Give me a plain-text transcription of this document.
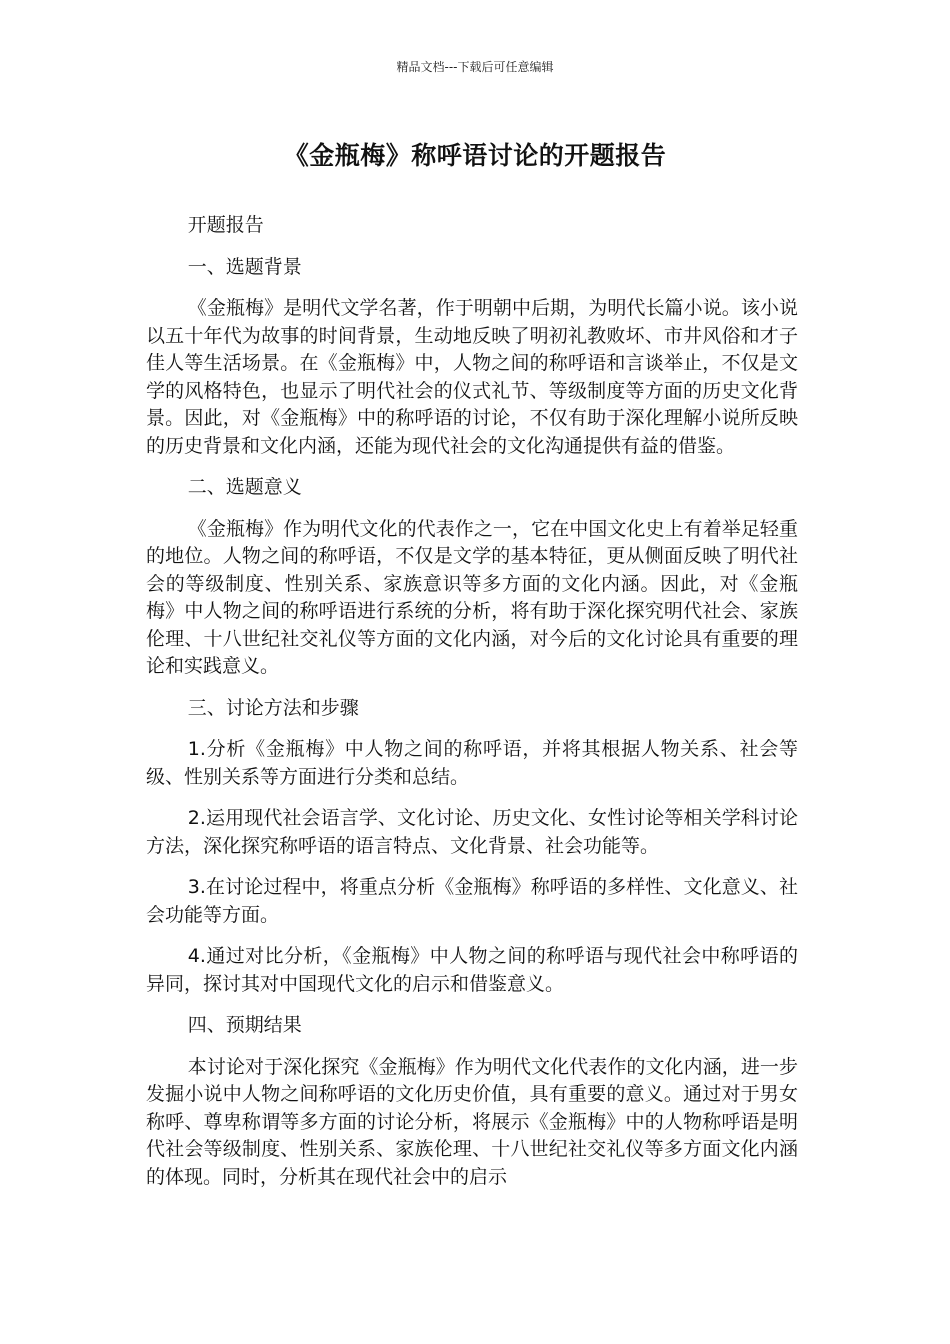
精品文档---下载后可任意编辑
《金瓶梅》称呼语讨论的开题报告
开题报告
一、选题背景
《金瓶梅》是明代文学名著，作于明朝中后期，为明代长篇小说。该小说以五十年代为故事的时间背景，生动地反映了明初礼教败坏、市井风俗和才子佳人等生活场景。在《金瓶梅》中，人物之间的称呼语和言谈举止，不仅是文学的风格特色，也显示了明代社会的仪式礼节、等级制度等方面的历史文化背景。因此，对《金瓶梅》中的称呼语的讨论，不仅有助于深化理解小说所反映的历史背景和文化内涵，还能为现代社会的文化沟通提供有益的借鉴。
二、选题意义
《金瓶梅》作为明代文化的代表作之一，它在中国文化史上有着举足轻重的地位。人物之间的称呼语，不仅是文学的基本特征，更从侧面反映了明代社会的等级制度、性别关系、家族意识等多方面的文化内涵。因此，对《金瓶梅》中人物之间的称呼语进行系统的分析，将有助于深化探究明代社会、家族伦理、十八世纪社交礼仪等方面的文化内涵，对今后的文化讨论具有重要的理论和实践意义。
三、讨论方法和步骤
1.分析《金瓶梅》中人物之间的称呼语，并将其根据人物关系、社会等级、性别关系等方面进行分类和总结。
2.运用现代社会语言学、文化讨论、历史文化、女性讨论等相关学科讨论方法，深化探究称呼语的语言特点、文化背景、社会功能等。
3.在讨论过程中，将重点分析《金瓶梅》称呼语的多样性、文化意义、社会功能等方面。
4.通过对比分析，《金瓶梅》中人物之间的称呼语与现代社会中称呼语的异同，探讨其对中国现代文化的启示和借鉴意义。
四、预期结果
本讨论对于深化探究《金瓶梅》作为明代文化代表作的文化内涵，进一步发掘小说中人物之间称呼语的文化历史价值，具有重要的意义。通过对于男女称呼、尊卑称谓等多方面的讨论分析，将展示《金瓶梅》中的人物称呼语是明代社会等级制度、性别关系、家族伦理、十八世纪社交礼仪等多方面文化内涵的体现。同时，分析其在现代社会中的启示
